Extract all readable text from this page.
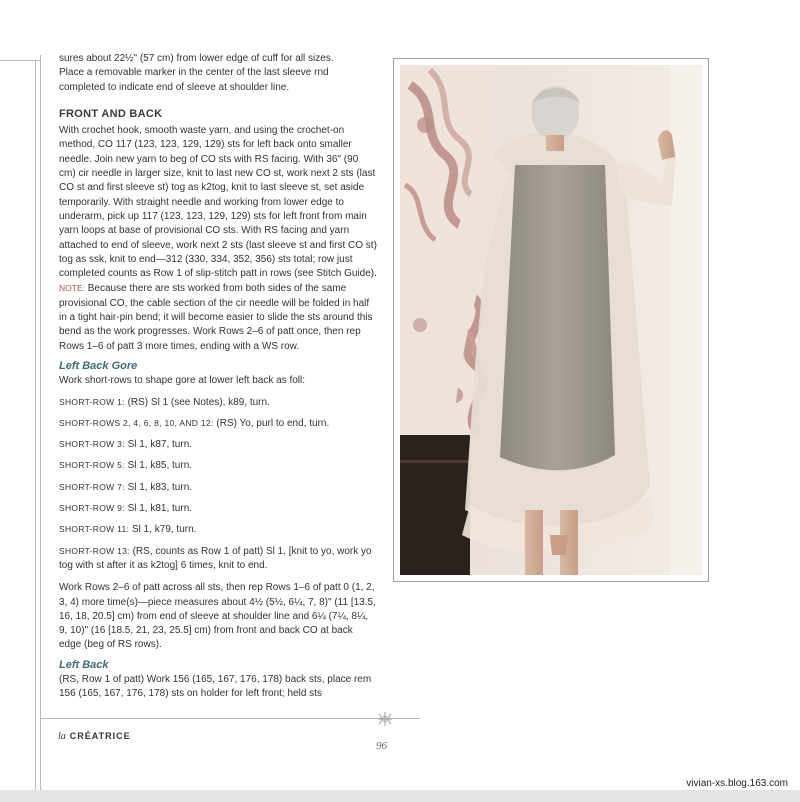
sures about 22½" (57 cm) from lower edge of cuff for all sizes.

Place a removable marker in the center of the last sleeve rnd

completed to indicate end of sleeve at shoulder line.

FRONT AND BACK

With crochet hook, smooth waste yarn, and using the crochet-on method, CO 117 (123, 123, 129, 129) sts for left back onto smaller needle. Join new yarn to beg of CO sts with RS facing. With 36" (90 cm) cir needle in larger size, knit to last new CO st, work next 2 sts (last CO st and first sleeve st) tog as k2tog, knit to last sleeve st, set aside temporarily. With straight needle and working from lower edge to underarm, pick up 117 (123, 123, 129, 129) sts for left front from main yarn loops at base of provisional CO sts. With RS facing and yarn attached to end of sleeve, work next 2 sts (last sleeve st and first CO st) tog as ssk, knit to end—312 (330, 334, 352, 356) sts total; row just completed counts as Row 1 of slip-stitch patt in rows (see Stitch Guide). NOTE: Because there are sts worked from both sides of the same provisional CO, the cable section of the cir needle will be folded in half in a tight hair-pin bend; it will become easier to slide the sts around this bend as the work progresses. Work Rows 2–6 of patt once, then rep Rows 1–6 of patt 3 more times, ending with a WS row.

Left Back Gore

Work short-rows to shape gore at lower left back as foll:

SHORT-ROW 1: (RS) Sl 1 (see Notes), k89, turn.

SHORT-ROWS 2, 4, 6, 8, 10, AND 12: (RS) Yo, purl to end, turn.

SHORT-ROW 3: Sl 1, k87, turn.

SHORT-ROW 5: Sl 1, k85, turn.

SHORT-ROW 7: Sl 1, k83, turn.

SHORT-ROW 9: Sl 1, k81, turn.

SHORT-ROW 11: Sl 1, k79, turn.

SHORT-ROW 13: (RS, counts as Row 1 of patt) Sl 1, [knit to yo, work yo tog with st after it as k2tog] 6 times, knit to end.

Work Rows 2–6 of patt across all sts, then rep Rows 1–6 of patt 0 (1, 2, 3, 4) more time(s)—piece measures about 4½ (5½, 6¼, 7, 8)" (11 [13.5, 16, 18, 20.5] cm) from end of sleeve at shoulder line and 6¼ (7¼, 8¼, 9, 10)" (16 [18.5, 21, 23, 25.5] cm) from front and back CO at back edge (beg of RS rows).

Left Back

(RS, Row 1 of patt) Work 156 (165, 167, 176, 178) back sts, place rem 156 (165, 167, 176, 178) sts on holder for left front; held sts

la CRÉATRICE
96
vivian-xs.blog.163.com
